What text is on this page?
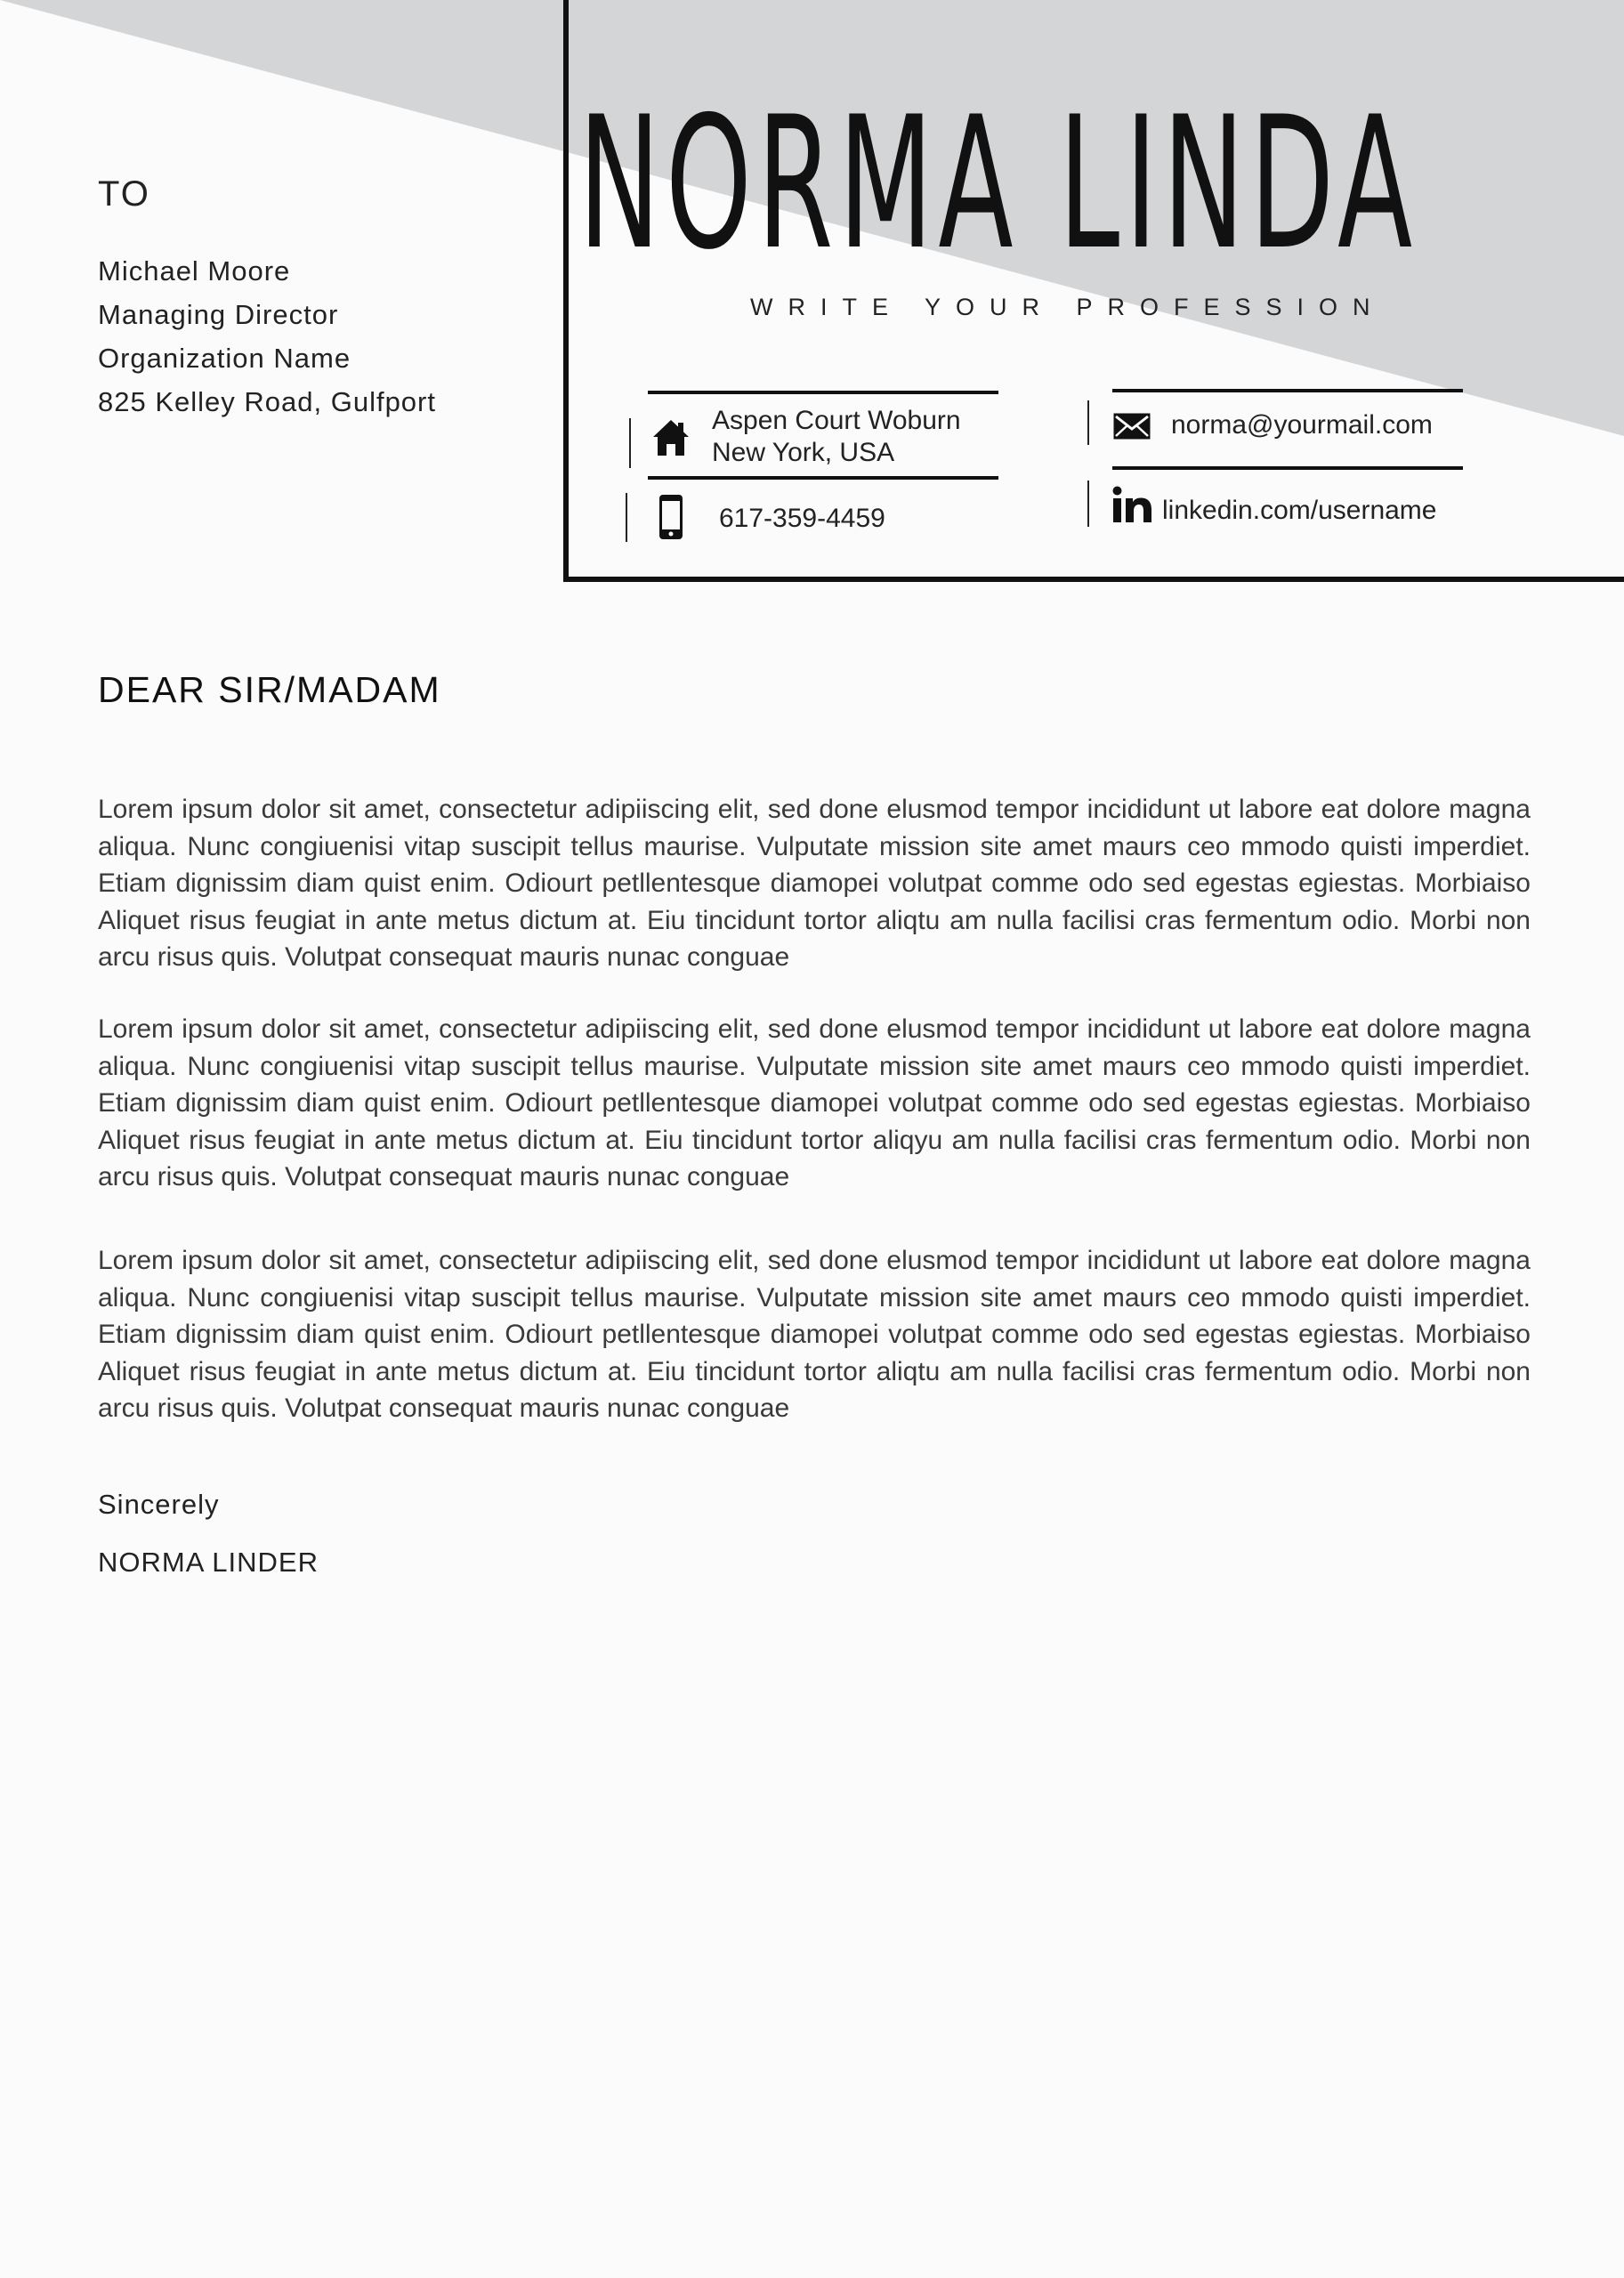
NORMA LINDA
WRITE YOUR PROFESSION
Aspen Court Woburn
New York, USA
617-359-4459
norma@yourmail.com
linkedin.com/username
TO
Michael Moore
Managing Director
Organization Name
825 Kelley Road, Gulfport
DEAR SIR/MADAM

Lorem ipsum dolor sit amet, consectetur adipiiscing elit, sed done elusmod tempor incididunt ut labore eat dolore magna aliqua. Nunc congiuenisi vitap suscipit tellus maurise. Vulputate mission site amet maurs ceo mmodo quisti imperdiet. Etiam dignissim diam quist enim. Odiourt petllentesque diamopei volutpat comme odo sed egestas egiestas. Morbiaiso Aliquet risus feugiat in ante metus dictum at. Eiu tincidunt tortor aliqtu am nulla facilisi cras fermentum odio. Morbi non arcu risus quis. Volutpat consequat mauris nunac conguae

Lorem ipsum dolor sit amet, consectetur adipiiscing elit, sed done elusmod tempor incididunt ut labore eat dolore magna aliqua. Nunc congiuenisi vitap suscipit tellus maurise. Vulputate mission site amet maurs ceo mmodo quisti imperdiet. Etiam dignissim diam quist enim. Odiourt petllentesque diamopei volutpat comme odo sed egestas egiestas. Morbiaiso Aliquet risus feugiat in ante metus dictum at. Eiu tincidunt tortor aliqyu am nulla facilisi cras fermentum odio. Morbi non arcu risus quis. Volutpat consequat mauris nunac conguae

Lorem ipsum dolor sit amet, consectetur adipiiscing elit, sed done elusmod tempor incididunt ut labore eat dolore magna aliqua. Nunc congiuenisi vitap suscipit tellus maurise. Vulputate mission site amet maurs ceo mmodo quisti imperdiet. Etiam dignissim diam quist enim. Odiourt petllentesque diamopei volutpat comme odo sed egestas egiestas. Morbiaiso Aliquet risus feugiat in ante metus dictum at. Eiu tincidunt tortor aliqtu am nulla facilisi cras fermentum odio. Morbi non arcu risus quis. Volutpat consequat mauris nunac conguae

Sincerely
NORMA LINDER
